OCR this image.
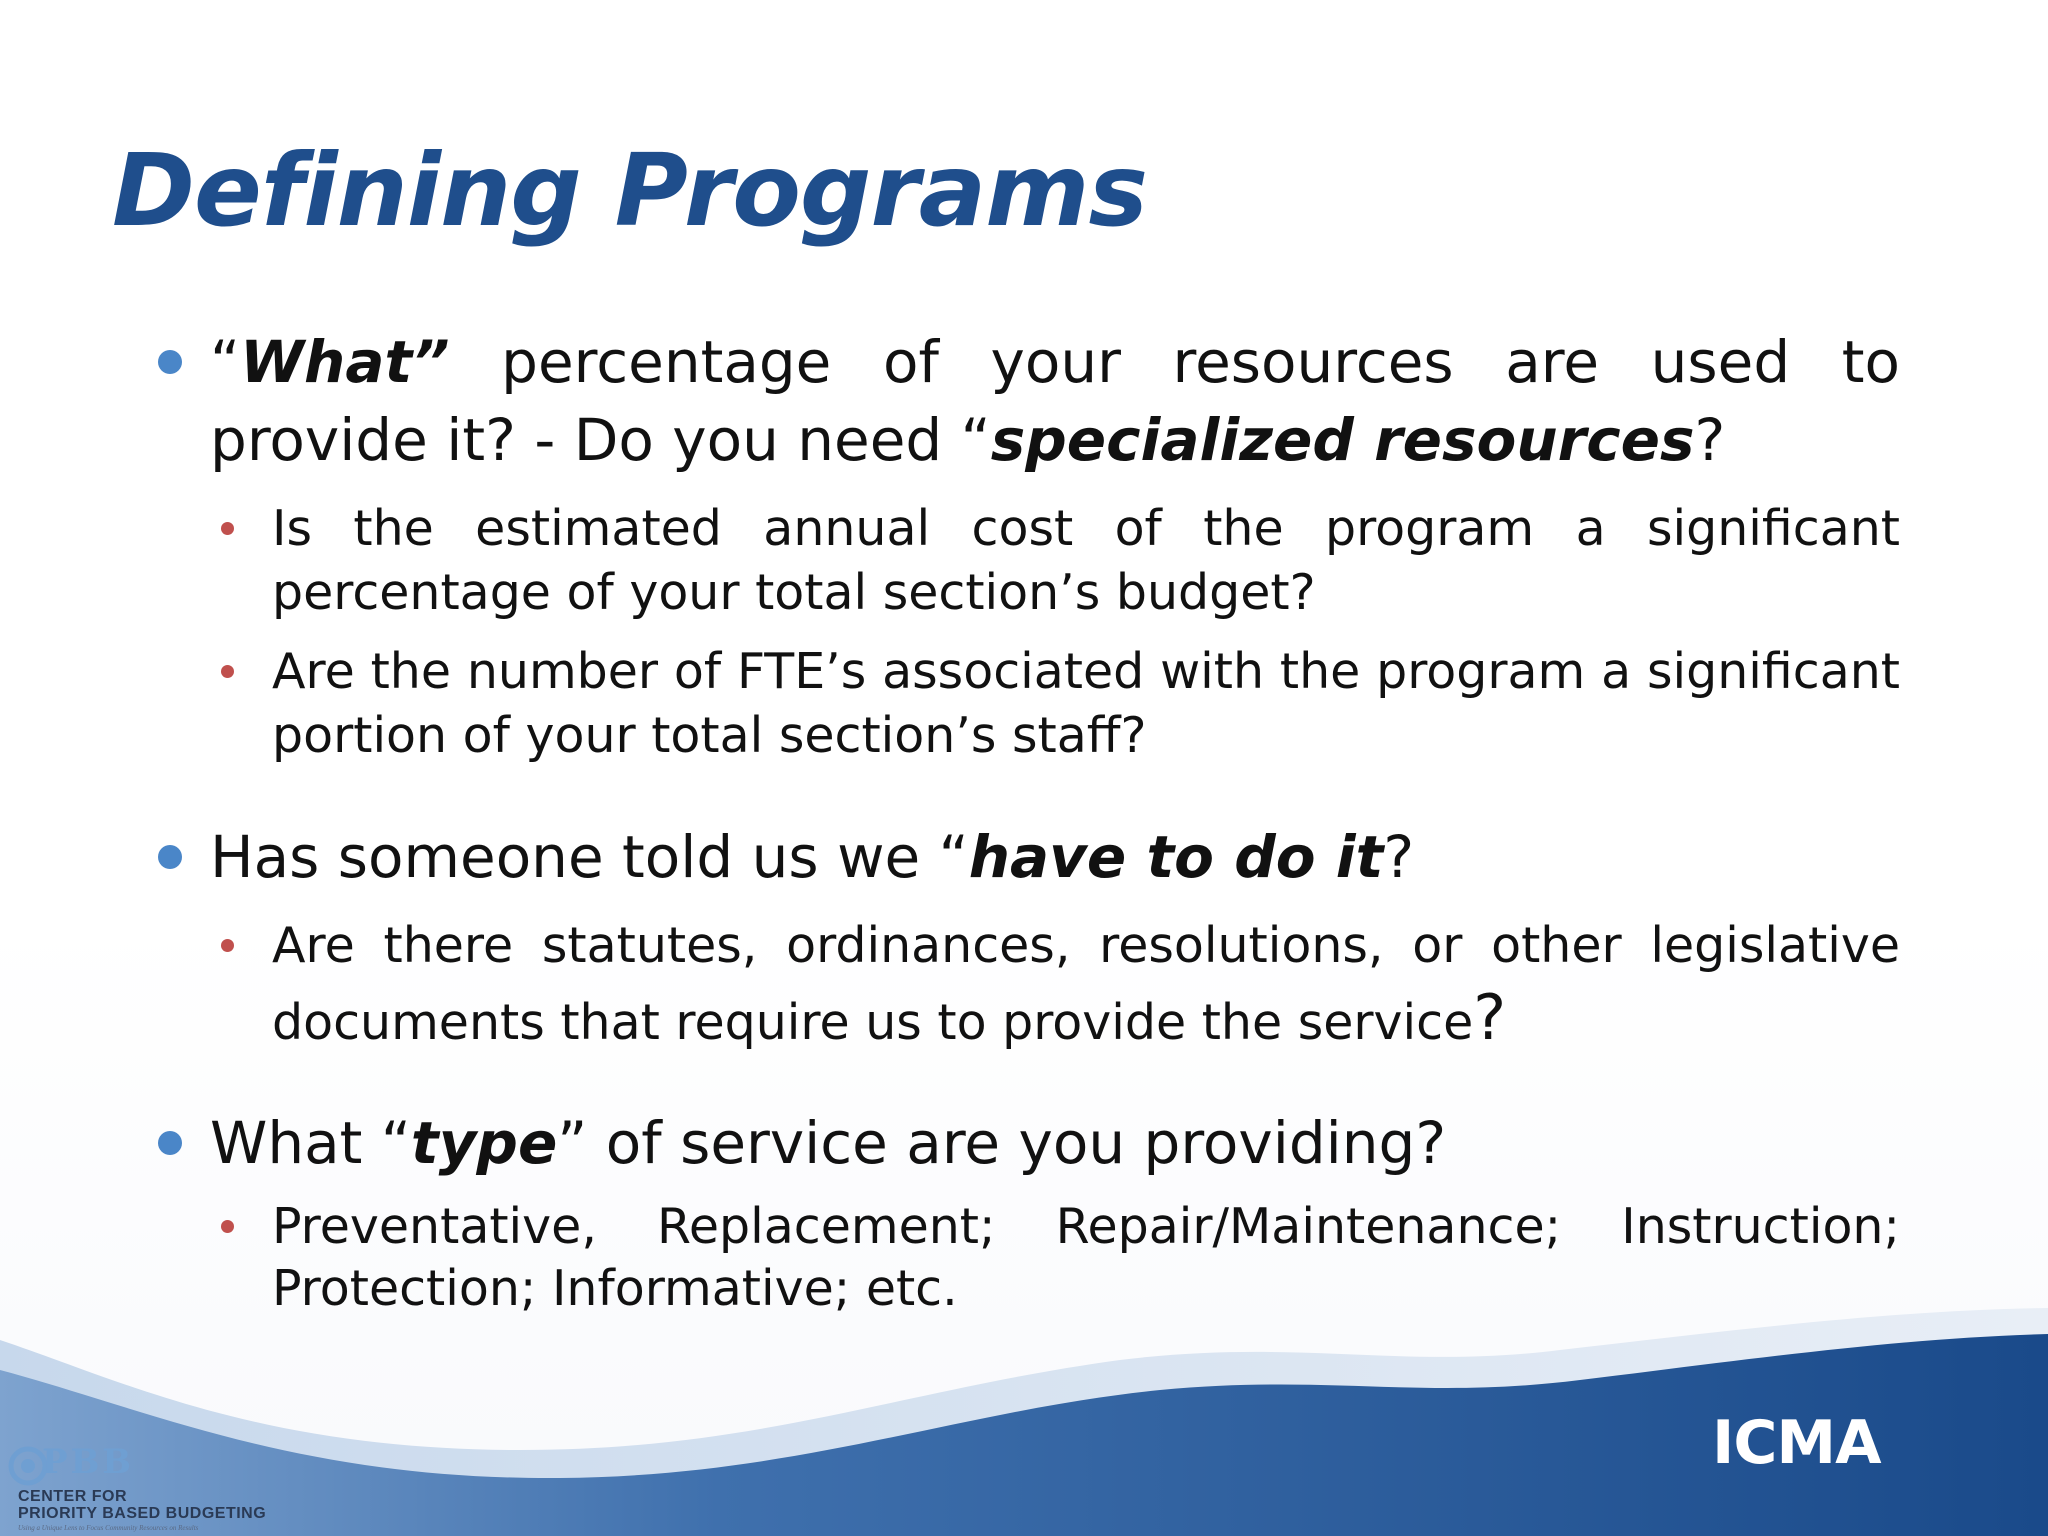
Defining Programs
“What” percentage of your resources are used to provide it? - Do you need “specialized resources?
Is the estimated annual cost of the program a significant percentage of your total section’s budget?
Are the number of FTE’s associated with the program a significant portion of your total section’s staff?
Has someone told us we “have to do it?
Are there statutes, ordinances, resolutions, or other legislative documents that require us to provide the service?
What “type” of service are you providing?
Preventative, Replacement; Repair/Maintenance; Instruction; Protection; Informative; etc.
PBB
CENTER FOR
PRIORITY BASED BUDGETING
Using a Unique Lens to Focus Community Resources on Results
ICMA
